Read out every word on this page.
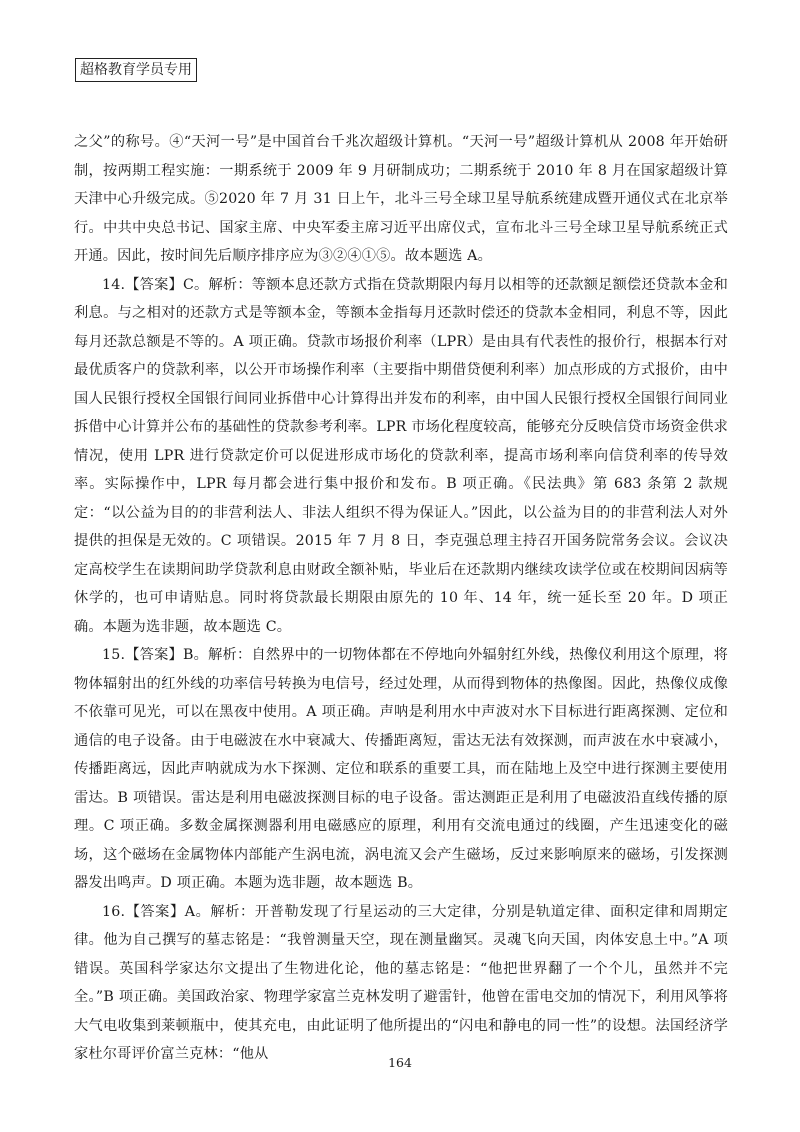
超格教育学员专用

之父”的称号。④“天河一号”是中国首台千兆次超级计算机。“天河一号”超级计算机从 2008 年开始研制，按两期工程实施：一期系统于 2009 年 9 月研制成功；二期系统于 2010 年 8 月在国家超级计算天津中心升级完成。⑤2020 年 7 月 31 日上午，北斗三号全球卫星导航系统建成暨开通仪式在北京举行。中共中央总书记、国家主席、中央军委主席习近平出席仪式，宣布北斗三号全球卫星导航系统正式开通。因此，按时间先后顺序排序应为③②④①⑤。故本题选 A。

14.【答案】C。解析：等额本息还款方式指在贷款期限内每月以相等的还款额足额偿还贷款本金和利息。与之相对的还款方式是等额本金，等额本金指每月还款时偿还的贷款本金相同，利息不等，因此每月还款总额是不等的。A 项正确。贷款市场报价利率（LPR）是由具有代表性的报价行，根据本行对最优质客户的贷款利率，以公开市场操作利率（主要指中期借贷便利利率）加点形成的方式报价，由中国人民银行授权全国银行间同业拆借中心计算得出并发布的利率，由中国人民银行授权全国银行间同业拆借中心计算并公布的基础性的贷款参考利率。LPR 市场化程度较高，能够充分反映信贷市场资金供求情况，使用 LPR 进行贷款定价可以促进形成市场化的贷款利率，提高市场利率向信贷利率的传导效率。实际操作中，LPR 每月都会进行集中报价和发布。B 项正确。《民法典》第 683 条第 2 款规定：“以公益为目的的非营利法人、非法人组织不得为保证人。”因此，以公益为目的的非营利法人对外提供的担保是无效的。C 项错误。2015 年 7 月 8 日，李克强总理主持召开国务院常务会议。会议决定高校学生在读期间助学贷款利息由财政全额补贴，毕业后在还款期内继续攻读学位或在校期间因病等休学的，也可申请贴息。同时将贷款最长期限由原先的 10 年、14 年，统一延长至 20 年。D 项正确。本题为选非题，故本题选 C。

15.【答案】B。解析：自然界中的一切物体都在不停地向外辐射红外线，热像仪利用这个原理，将物体辐射出的红外线的功率信号转换为电信号，经过处理，从而得到物体的热像图。因此，热像仪成像不依靠可见光，可以在黑夜中使用。A 项正确。声呐是利用水中声波对水下目标进行距离探测、定位和通信的电子设备。由于电磁波在水中衰减大、传播距离短，雷达无法有效探测，而声波在水中衰减小，传播距离远，因此声呐就成为水下探测、定位和联系的重要工具，而在陆地上及空中进行探测主要使用雷达。B 项错误。雷达是利用电磁波探测目标的电子设备。雷达测距正是利用了电磁波沿直线传播的原理。C 项正确。多数金属探测器利用电磁感应的原理，利用有交流电通过的线圈，产生迅速变化的磁场，这个磁场在金属物体内部能产生涡电流，涡电流又会产生磁场，反过来影响原来的磁场，引发探测器发出鸣声。D 项正确。本题为选非题，故本题选 B。

16.【答案】A。解析：开普勒发现了行星运动的三大定律，分别是轨道定律、面积定律和周期定律。他为自己撰写的墓志铭是：“我曾测量天空，现在测量幽冥。灵魂飞向天国，肉体安息土中。”A 项错误。英国科学家达尔文提出了生物进化论，他的墓志铭是：“他把世界翻了一个个儿，虽然并不完全。”B 项正确。美国政治家、物理学家富兰克林发明了避雷针，他曾在雷电交加的情况下，利用风筝将大气电收集到莱顿瓶中，使其充电，由此证明了他所提出的“闪电和静电的同一性”的设想。法国经济学家杜尔哥评价富兰克林：“他从

164
